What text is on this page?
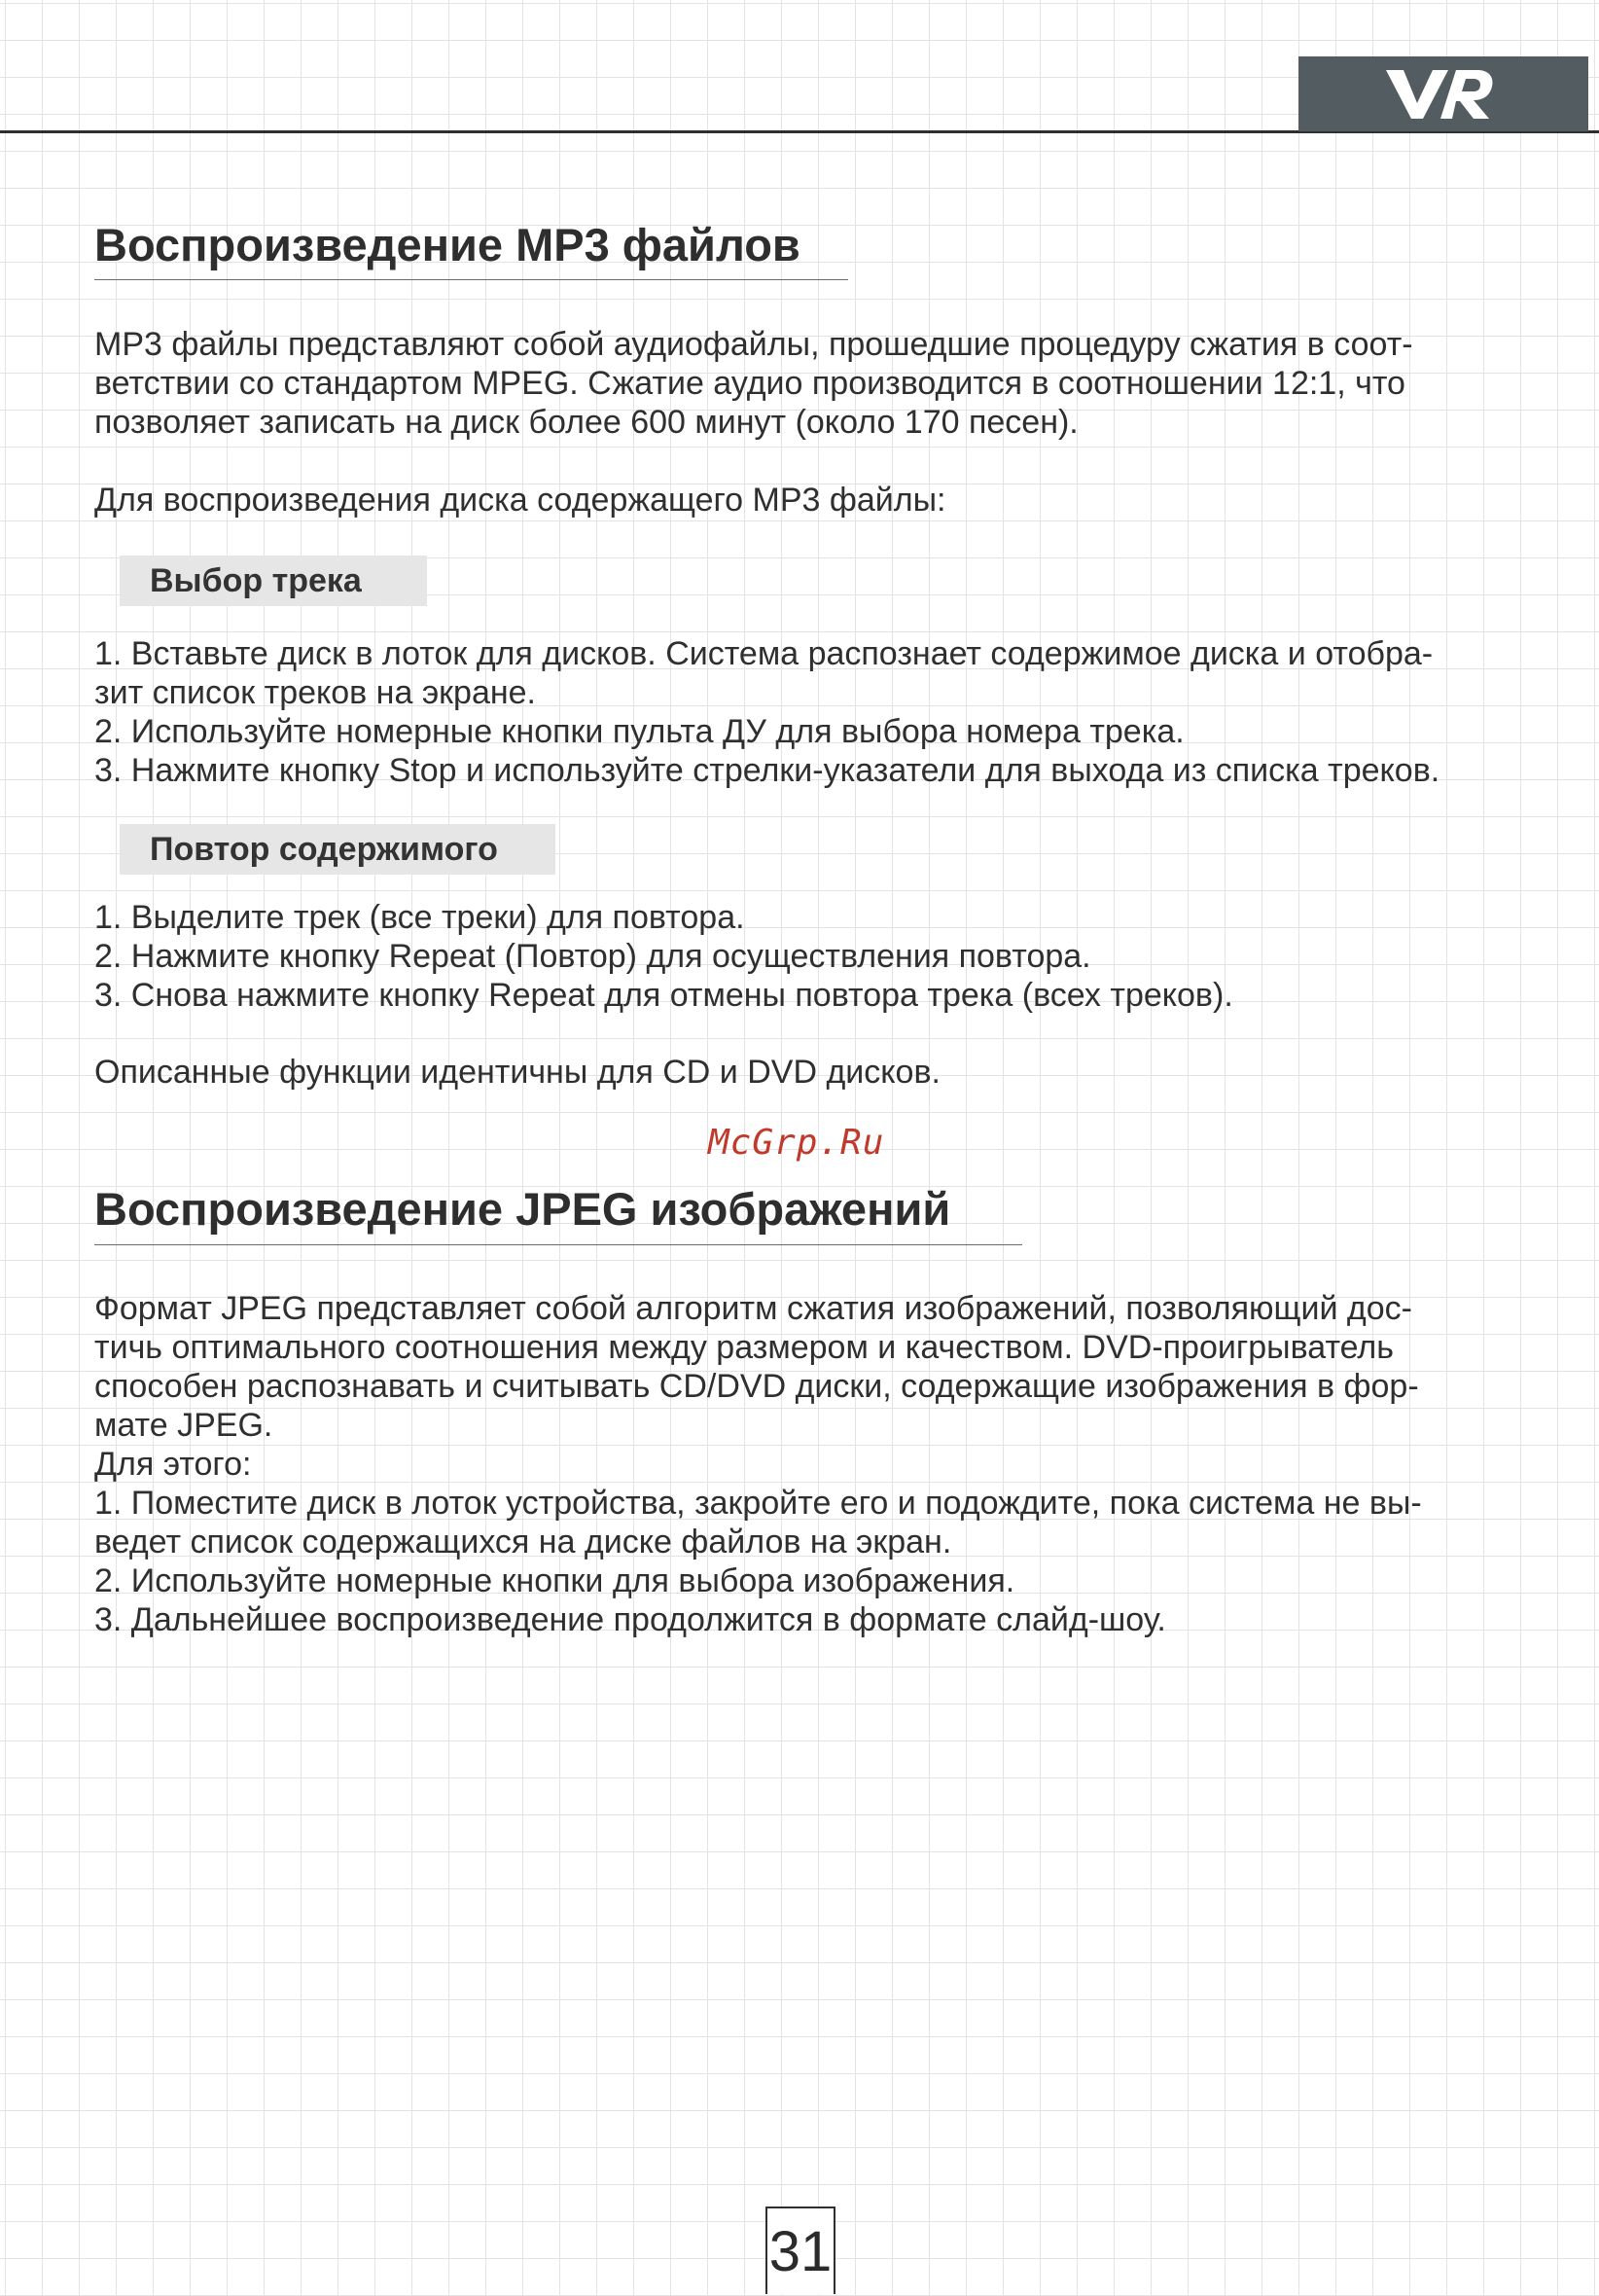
Воспроизведение MP3 файлов

MP3 файлы представляют собой аудиофайлы, прошедшие процедуру сжатия в соот-
ветствии со стандартом MPEG. Сжатие аудио производится в соотношении 12:1, что
позволяет записать на диск более 600 минут (около 170 песен).

Для воспроизведения диска содержащего MP3 файлы:

Выбор трека

1. Вставьте диск в лоток для дисков. Система распознает содержимое диска и отобра-
зит список треков на экране.
2. Используйте номерные кнопки пульта ДУ для выбора номера трека.
3. Нажмите кнопку Stop и используйте стрелки-указатели для выхода из списка треков.

Повтор содержимого

1. Выделите трек (все треки) для повтора.
2. Нажмите кнопку Repeat (Повтор) для осуществления повтора.
3. Снова нажмите кнопку Repeat для отмены повтора трека (всех треков).

Описанные функции идентичны для CD и DVD дисков.

Воспроизведение JPEG изображений

Формат JPEG представляет собой алгоритм сжатия изображений, позволяющий дос-
тичь оптимального соотношения между размером и качеством. DVD-проигрыватель
способен распознавать и считывать CD/DVD диски, содержащие изображения в фор-
мате JPEG.
Для этого:
1. Поместите диск в лоток устройства, закройте его и подождите, пока система не вы-
ведет список содержащихся на диске файлов на экран.
2. Используйте номерные кнопки для выбора изображения.
3. Дальнейшее воспроизведение продолжится в формате слайд-шоу.

McGrp.Ru
31
